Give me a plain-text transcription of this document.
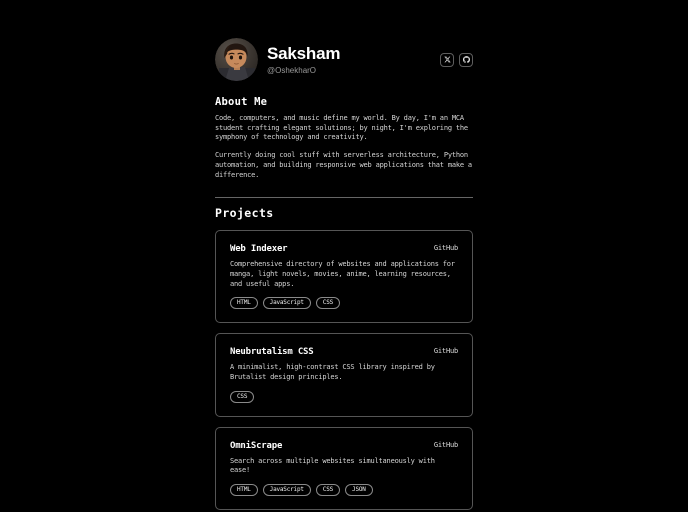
Saksham
@OshekharO
About Me

Code, computers, and music define my world. By day, I'm an MCA student crafting elegant solutions; by night, I'm exploring the symphony of technology and creativity.

Currently doing cool stuff with serverless architecture, Python automation, and building responsive web applications that make a difference.

Projects
Web Indexer	GitHub

Comprehensive directory of websites and applications for manga, light novels, movies, anime, learning resources, and useful apps.

HTML	JavaScript	CSS
Neubrutalism CSS	GitHub

A minimalist, high-contrast CSS library inspired by Brutalist design principles.

CSS
OmniScrape	GitHub

Search across multiple websites simultaneously with ease!

HTML	JavaScript	CSS	JSON
